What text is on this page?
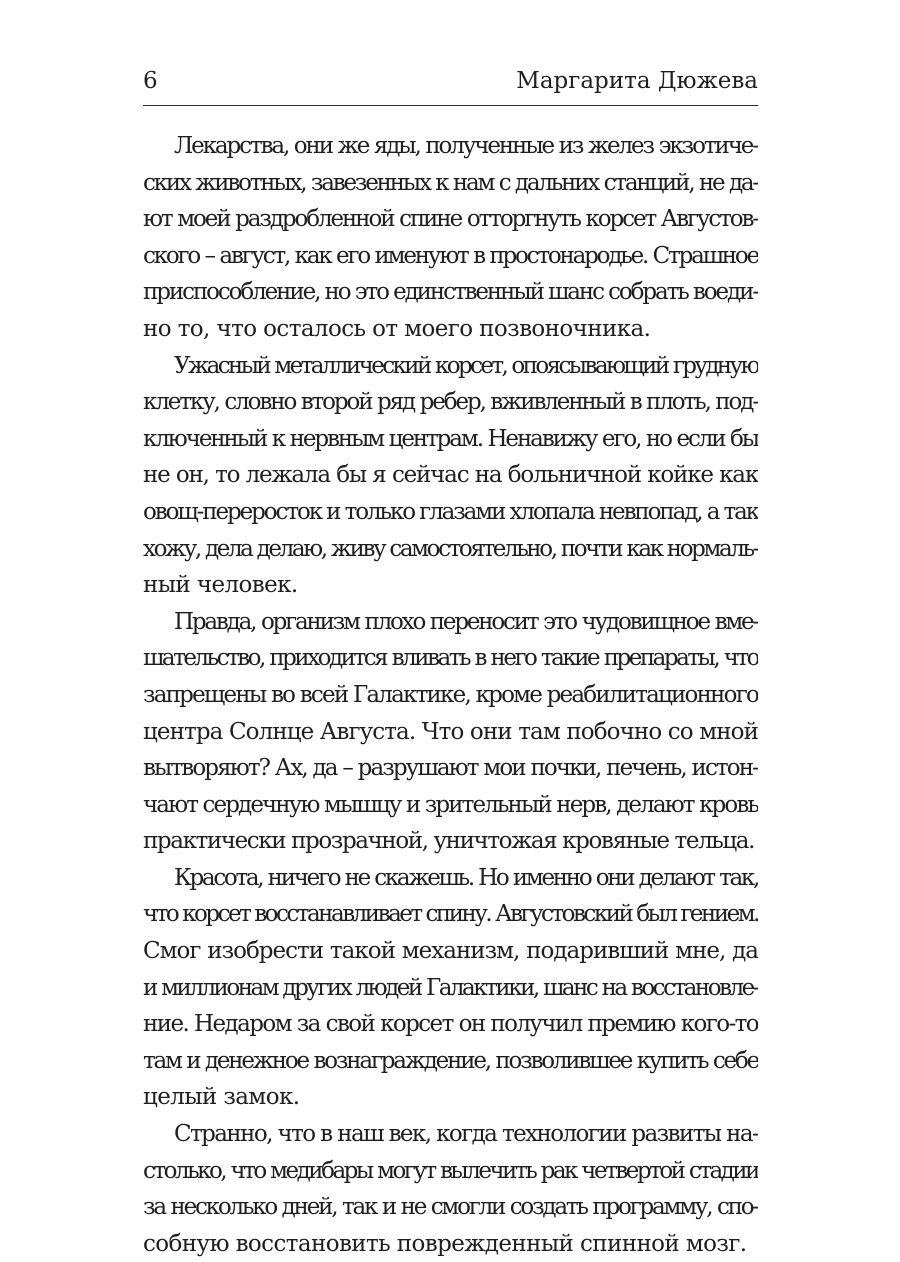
6	Маргарита Дюжева
Лекарства, они же яды, полученные из желез экзотиче-
ских животных, завезенных к нам с дальних станций, не да-
ют моей раздробленной спине отторгнуть корсет Августов-
ского – август, как его именуют в простонародье. Страшное
приспособление, но это единственный шанс собрать воеди-
но то, что осталось от моего позвоночника.
Ужасный металлический корсет, опоясывающий грудную
клетку, словно второй ряд ребер, вживленный в плоть, под-
ключенный к нервным центрам. Ненавижу его, но если бы
не он, то лежала бы я сейчас на больничной койке как
овощ-переросток и только глазами хлопала невпопад, а так
хожу, дела делаю, живу самостоятельно, почти как нормаль-
ный человек.
Правда, организм плохо переносит это чудовищное вме-
шательство, приходится вливать в него такие препараты, что
запрещены во всей Галактике, кроме реабилитационного
центра Солнце Августа. Что они там побочно со мной
вытворяют? Ах, да – разрушают мои почки, печень, истон-
чают сердечную мышцу и зрительный нерв, делают кровь
практически прозрачной, уничтожая кровяные тельца.
Красота, ничего не скажешь. Но именно они делают так,
что корсет восстанавливает спину. Августовский был гением.
Смог изобрести такой механизм, подаривший мне, да
и миллионам других людей Галактики, шанс на восстановле-
ние. Недаром за свой корсет он получил премию кого-то
там и денежное вознаграждение, позволившее купить себе
целый замок.
Странно, что в наш век, когда технологии развиты на-
столько, что медибары могут вылечить рак четвертой стадии
за несколько дней, так и не смогли создать программу, спо-
собную восстановить поврежденный спинной мозг.
